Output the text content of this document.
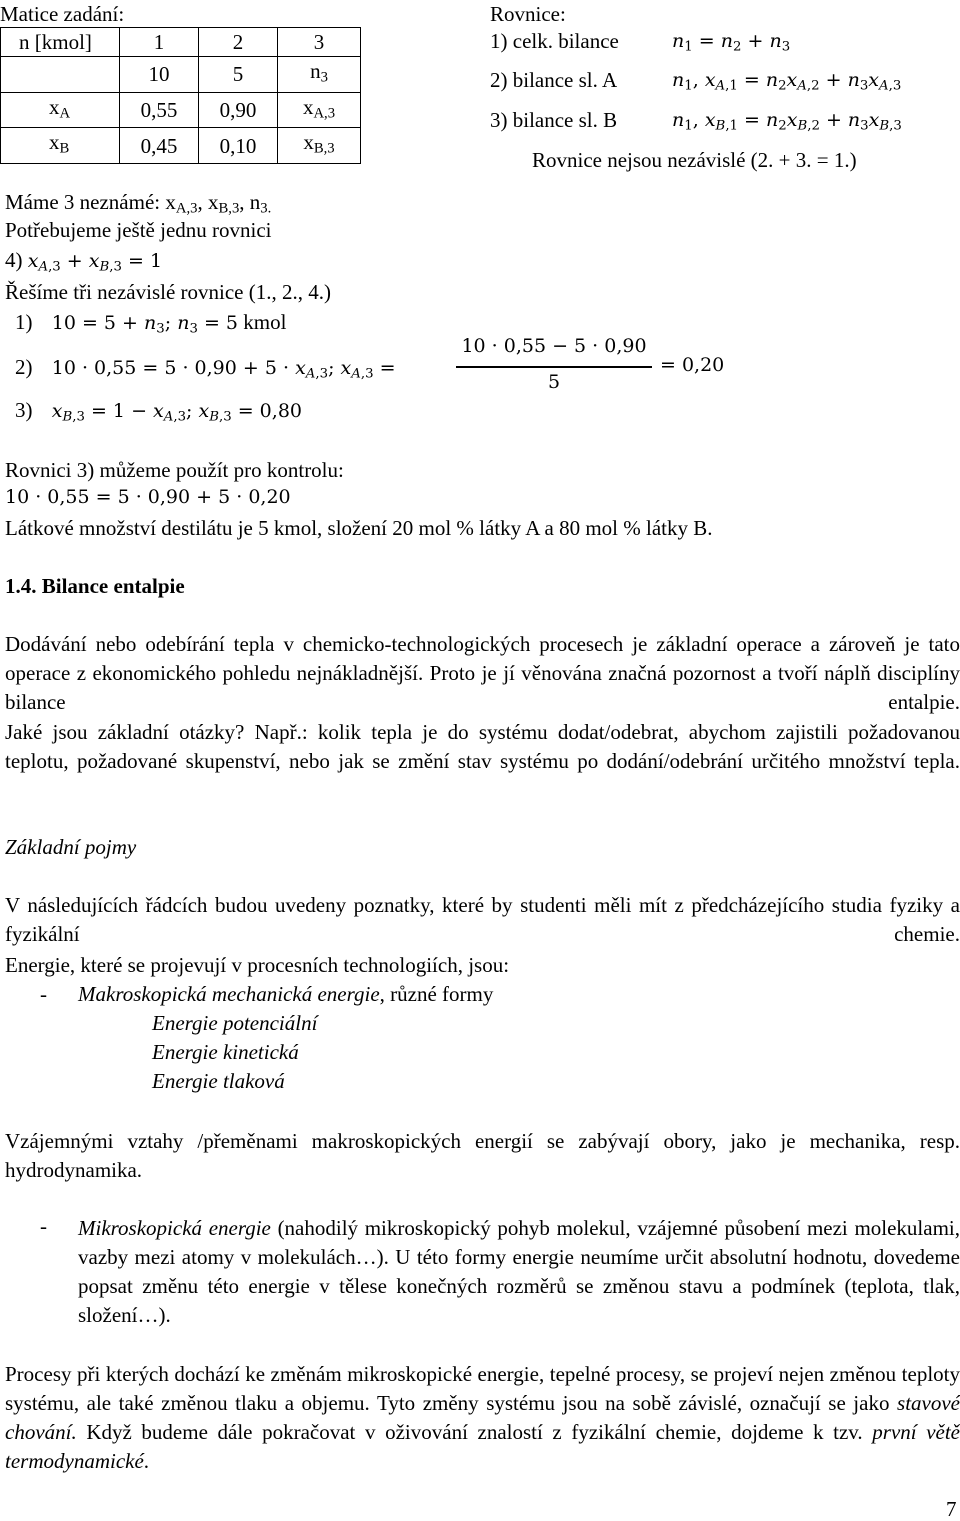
Matice zadání:
n [kmol]	1	2	3
	10	5	$n_3$
$x_A$	0,55	0,90	$x_{A,3}$
$x_B$	0,45	0,10	$x_{B,3}$
Rovnice:
1) celk. bilance	$n_1 = n_2 + n_3$
2) bilance sl. A	$n_1$, $x_{A,1} = n_2x_{A,2} + n_3x_{A,3}$
3) bilance sl. B	$n_1$, $x_{B,1} = n_2x_{B,2} + n_3x_{B,3}$
Rovnice nejsou nezávislé (2. + 3. = 1.)
Máme 3 neznámé: $x_{A,3}$, $x_{B,3}$, $n_{3.}$
Potřebujeme ještě jednu rovnici
4) $x_{A,3} + x_{B,3} = 1$
Řešíme tři nezávislé rovnice (1., 2., 4.)
1) $10 = 5 + n_3$; $n_3 = 5$ kmol
2) $10 \cdot 0,55 = 5 \cdot 0,90 + 5 \cdot x_{A,3}$; $x_{A,3}$ =
10 · 0,55 − 5 · 0,90
5
= 0,20
3) $x_{B,3} = 1 - x_{A,3}$; $x_{B,3} = 0,80$
Rovnici 3) můžeme použít pro kontrolu:
10 · 0,55 = 5 · 0,90 + 5 · 0,20
Látkové množství destilátu je 5 kmol, složení 20 mol % látky A a 80 mol % látky B.
1.4. Bilance entalpie
Dodávání nebo odebírání tepla v chemicko-technologických procesech je základní operace a zároveň je tato operace z ekonomického pohledu nejnákladnější. Proto je jí věnována značná pozornost a tvoří náplň disciplíny bilance entalpie.
Jaké jsou základní otázky? Např.: kolik tepla je do systému dodat/odebrat, abychom zajistili požadovanou teplotu, požadované skupenství, nebo jak se změní stav systému po dodání/odebrání určitého množství tepla.
Základní pojmy
V následujících řádcích budou uvedeny poznatky, které by studenti měli mít z předcházejícího studia fyziky a fyzikální chemie.
Energie, které se projevují v procesních technologiích, jsou:
- Makroskopická mechanická energie, různé formy
Energie potenciální
Energie kinetická
Energie tlaková
Vzájemnými vztahy /přeměnami makroskopických energií se zabývají obory, jako je mechanika, resp. hydrodynamika.
- Mikroskopická energie (nahodilý mikroskopický pohyb molekul, vzájemné působení mezi molekulami, vazby mezi atomy v molekulách…). U této formy energie neumíme určit absolutní hodnotu, dovedeme popsat změnu této energie v tělese konečných rozměrů se změnou stavu a podmínek (teplota, tlak, složení…).
Procesy při kterých dochází ke změnám mikroskopické energie, tepelné procesy, se projeví nejen změnou teploty systému, ale také změnou tlaku a objemu. Tyto změny systému jsou na sobě závislé, označují se jako stavové chování. Když budeme dále pokračovat v oživování znalostí z fyzikální chemie, dojdeme k tzv. první větě termodynamické.
7
